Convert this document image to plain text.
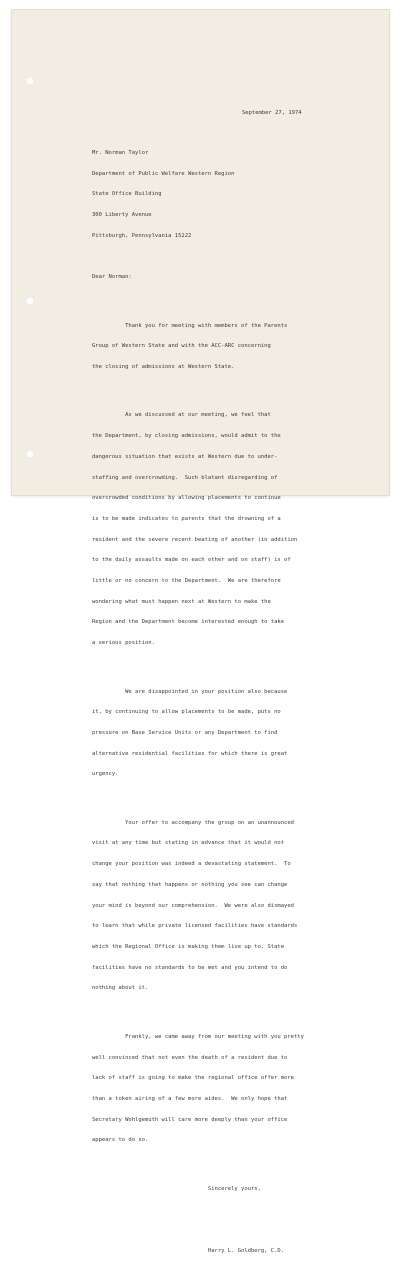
September 27, 1974

Mr. Norman Taylor

Department of Public Welfare Western Region

State Office Building

300 Liberty Avenue

Pittsburgh, Pennsylvania 15222

Dear Norman:

Thank you for meeting with members of the Parents

Group of Western State and with the ACC-ARC concerning

the closing of admissions at Western State.

As we discussed at our meeting, we feel that

the Department, by closing admissions, would admit to the

dangerous situation that exists at Western due to under-

staffing and overcrowding.  Such blatant disregarding of

overcrowded conditions by allowing placements to continue

is to be made indicates to parents that the drowning of a

resident and the severe recent beating of another (in addition

to the daily assaults made on each other and on staff) is of

little or no concern to the Department.  We are therefore

wondering what must happen next at Western to make the

Region and the Department become interested enough to take

a serious position.

We are disappointed in your position also because

it, by continuing to allow placements to be made, puts no

pressure on Base Service Units or any Department to find

alternative residential facilities for which there is great

urgency.

Your offer to accompany the group on an unannounced

visit at any time but stating in advance that it would not

change your position was indeed a devastating statement.  To

say that nothing that happens or nothing you see can change

your mind is beyond our comprehension.  We were also dismayed

to learn that while private licensed facilities have standards

which the Regional Office is making them live up to, State

facilities have no standards to be met and you intend to do

nothing about it.

Frankly, we came away from our meeting with you pretty

well convinced that not even the death of a resident due to

lack of staff is going to make the regional office offer more

than a token airing of a few more aides.  We only hope that

Secretary Wohlgemuth will care more deeply than your office

appears to do so.

Sincerely yours,

Harry L. Goldberg, C.D.
